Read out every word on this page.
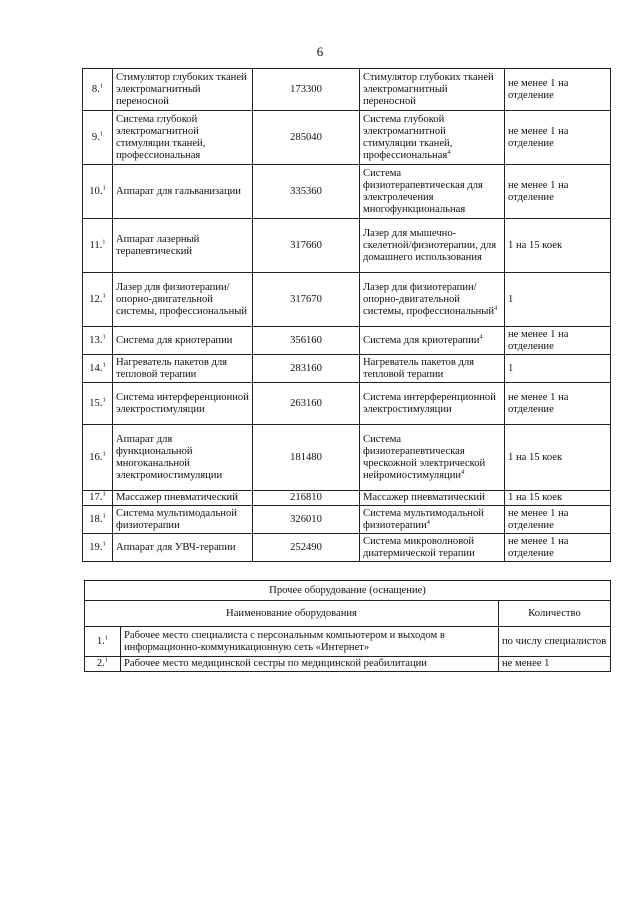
6
8.$^1$	Стимулятор глубоких тканей электромагнитный переносной	173300	Стимулятор глубоких тканей электромагнитный переносной	не менее 1 на отделение
9.$^1$	Система глубокой электромагнитной стимуляции тканей, профессиональная	285040	Система глубокой электромагнитной стимуляции тканей, профессиональная$^4$	не менее 1 на отделение
10.$^1$	Аппарат для гальванизации	335360	Система физиотерапевтическая для электролечения многофункциональная	не менее 1 на отделение
11.$^1$	Аппарат лазерный терапевтический	317660	Лазер для мышечно-скелетной/физиотерапии, для домашнего использования	1 на 15 коек
12.$^1$	Лазер для физиотерапии/опорно-двигательной системы, профессиональный	317670	Лазер для физиотерапии/опорно-двигательной системы, профессиональный$^4$	1
13.$^1$	Система для криотерапии	356160	Система для криотерапии$^4$	не менее 1 на отделение
14.$^1$	Нагреватель пакетов для тепловой терапии	283160	Нагреватель пакетов для тепловой терапии	1
15.$^1$	Система интерференционной электростимуляции	263160	Система интерференционной электростимуляции	не менее 1 на отделение
16.$^1$	Аппарат для функциональной многоканальной электромиостимуляции	181480	Система физиотерапевтическая чрескожной электрической нейромиостимуляции$^4$	1 на 15 коек
17.$^1$	Массажер пневматический	216810	Массажер пневматический	1 на 15 коек
18.$^1$	Система мультимодальной физиотерапии	326010	Система мультимодальной физиотерапии$^4$	не менее 1 на отделение
19.$^1$	Аппарат для УВЧ-терапии	252490	Система микроволновой диатермической терапии	не менее 1 на отделение
Прочее оборудование (оснащение)		
Наименование оборудования		Количество
1.$^1$	Рабочее место специалиста с персональным компьютером и выходом в информационно-коммуникационную сеть «Интернет»	по числу специалистов
2.$^1$	Рабочее место медицинской сестры по медицинской реабилитации	не менее 1
